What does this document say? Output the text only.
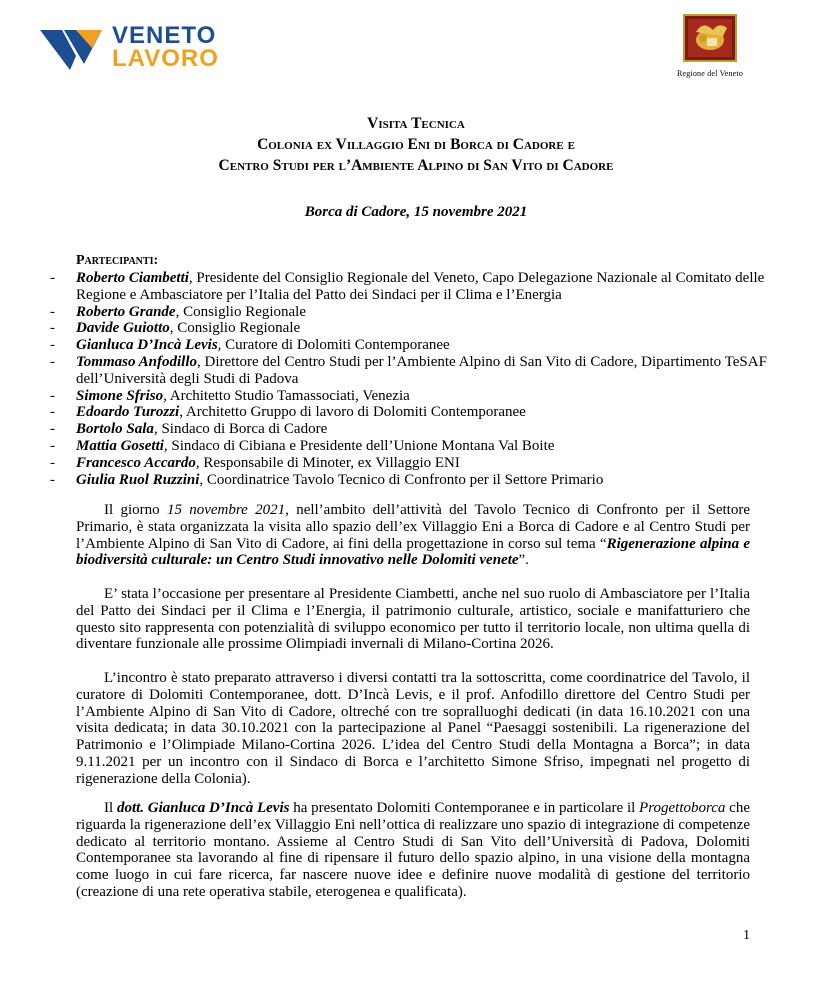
VENETO
LAVORO
Regione del Veneto
Visita Tecnica
Colonia ex Villaggio Eni di Borca di Cadore e
Centro Studi per l’Ambiente Alpino di San Vito di Cadore
Borca di Cadore, 15 novembre 2021
Partecipanti:
- Roberto Ciambetti, Presidente del Consiglio Regionale del Veneto, Capo Delegazione Nazionale al Comitato delle Regione e Ambasciatore per l’Italia del Patto dei Sindaci per il Clima e l’Energia
- Roberto Grande, Consiglio Regionale
- Davide Guiotto, Consiglio Regionale
- Gianluca D’Incà Levis, Curatore di Dolomiti Contemporanee
- Tommaso Anfodillo, Direttore del Centro Studi per l’Ambiente Alpino di San Vito di Cadore, Dipartimento TeSAF dell’Università degli Studi di Padova
- Simone Sfriso, Architetto Studio Tamassociati, Venezia
- Edoardo Turozzi, Architetto Gruppo di lavoro di Dolomiti Contemporanee
- Bortolo Sala, Sindaco di Borca di Cadore
- Mattia Gosetti, Sindaco di Cibiana e Presidente dell’Unione Montana Val Boite
- Francesco Accardo, Responsabile di Minoter, ex Villaggio ENI
- Giulia Ruol Ruzzini, Coordinatrice Tavolo Tecnico di Confronto per il Settore Primario

Il giorno 15 novembre 2021, nell’ambito dell’attività del Tavolo Tecnico di Confronto per il Settore Primario, è stata organizzata la visita allo spazio dell’ex Villaggio Eni a Borca di Cadore e al Centro Studi per l’Ambiente Alpino di San Vito di Cadore, ai fini della progettazione in corso sul tema “Rigenerazione alpina e biodiversità culturale: un Centro Studi innovativo nelle Dolomiti venete”.

E’ stata l’occasione per presentare al Presidente Ciambetti, anche nel suo ruolo di Ambasciatore per l’Italia del Patto dei Sindaci per il Clima e l’Energia, il patrimonio culturale, artistico, sociale e manifatturiero che questo sito rappresenta con potenzialità di sviluppo economico per tutto il territorio locale, non ultima quella di diventare funzionale alle prossime Olimpiadi invernali di Milano-Cortina 2026.

L’incontro è stato preparato attraverso i diversi contatti tra la sottoscritta, come coordinatrice del Tavolo, il curatore di Dolomiti Contemporanee, dott. D’Incà Levis, e il prof. Anfodillo direttore del Centro Studi per l’Ambiente Alpino di San Vito di Cadore, oltreché con tre sopralluoghi dedicati (in data 16.10.2021 con una visita dedicata; in data 30.10.2021 con la partecipazione al Panel “Paesaggi sostenibili. La rigenerazione del Patrimonio e l’Olimpiade Milano-Cortina 2026. L’idea del Centro Studi della Montagna a Borca”; in data 9.11.2021 per un incontro con il Sindaco di Borca e l’architetto Simone Sfriso, impegnati nel progetto di rigenerazione della Colonia).

Il dott. Gianluca D’Incà Levis ha presentato Dolomiti Contemporanee e in particolare il Progettoborca che riguarda la rigenerazione dell’ex Villaggio Eni nell’ottica di realizzare uno spazio di integrazione di competenze dedicato al territorio montano. Assieme al Centro Studi di San Vito dell’Università di Padova, Dolomiti Contemporanee sta lavorando al fine di ripensare il futuro dello spazio alpino, in una visione della montagna come luogo in cui fare ricerca, far nascere nuove idee e definire nuove modalità di gestione del territorio (creazione di una rete operativa stabile, eterogenea e qualificata).

1
